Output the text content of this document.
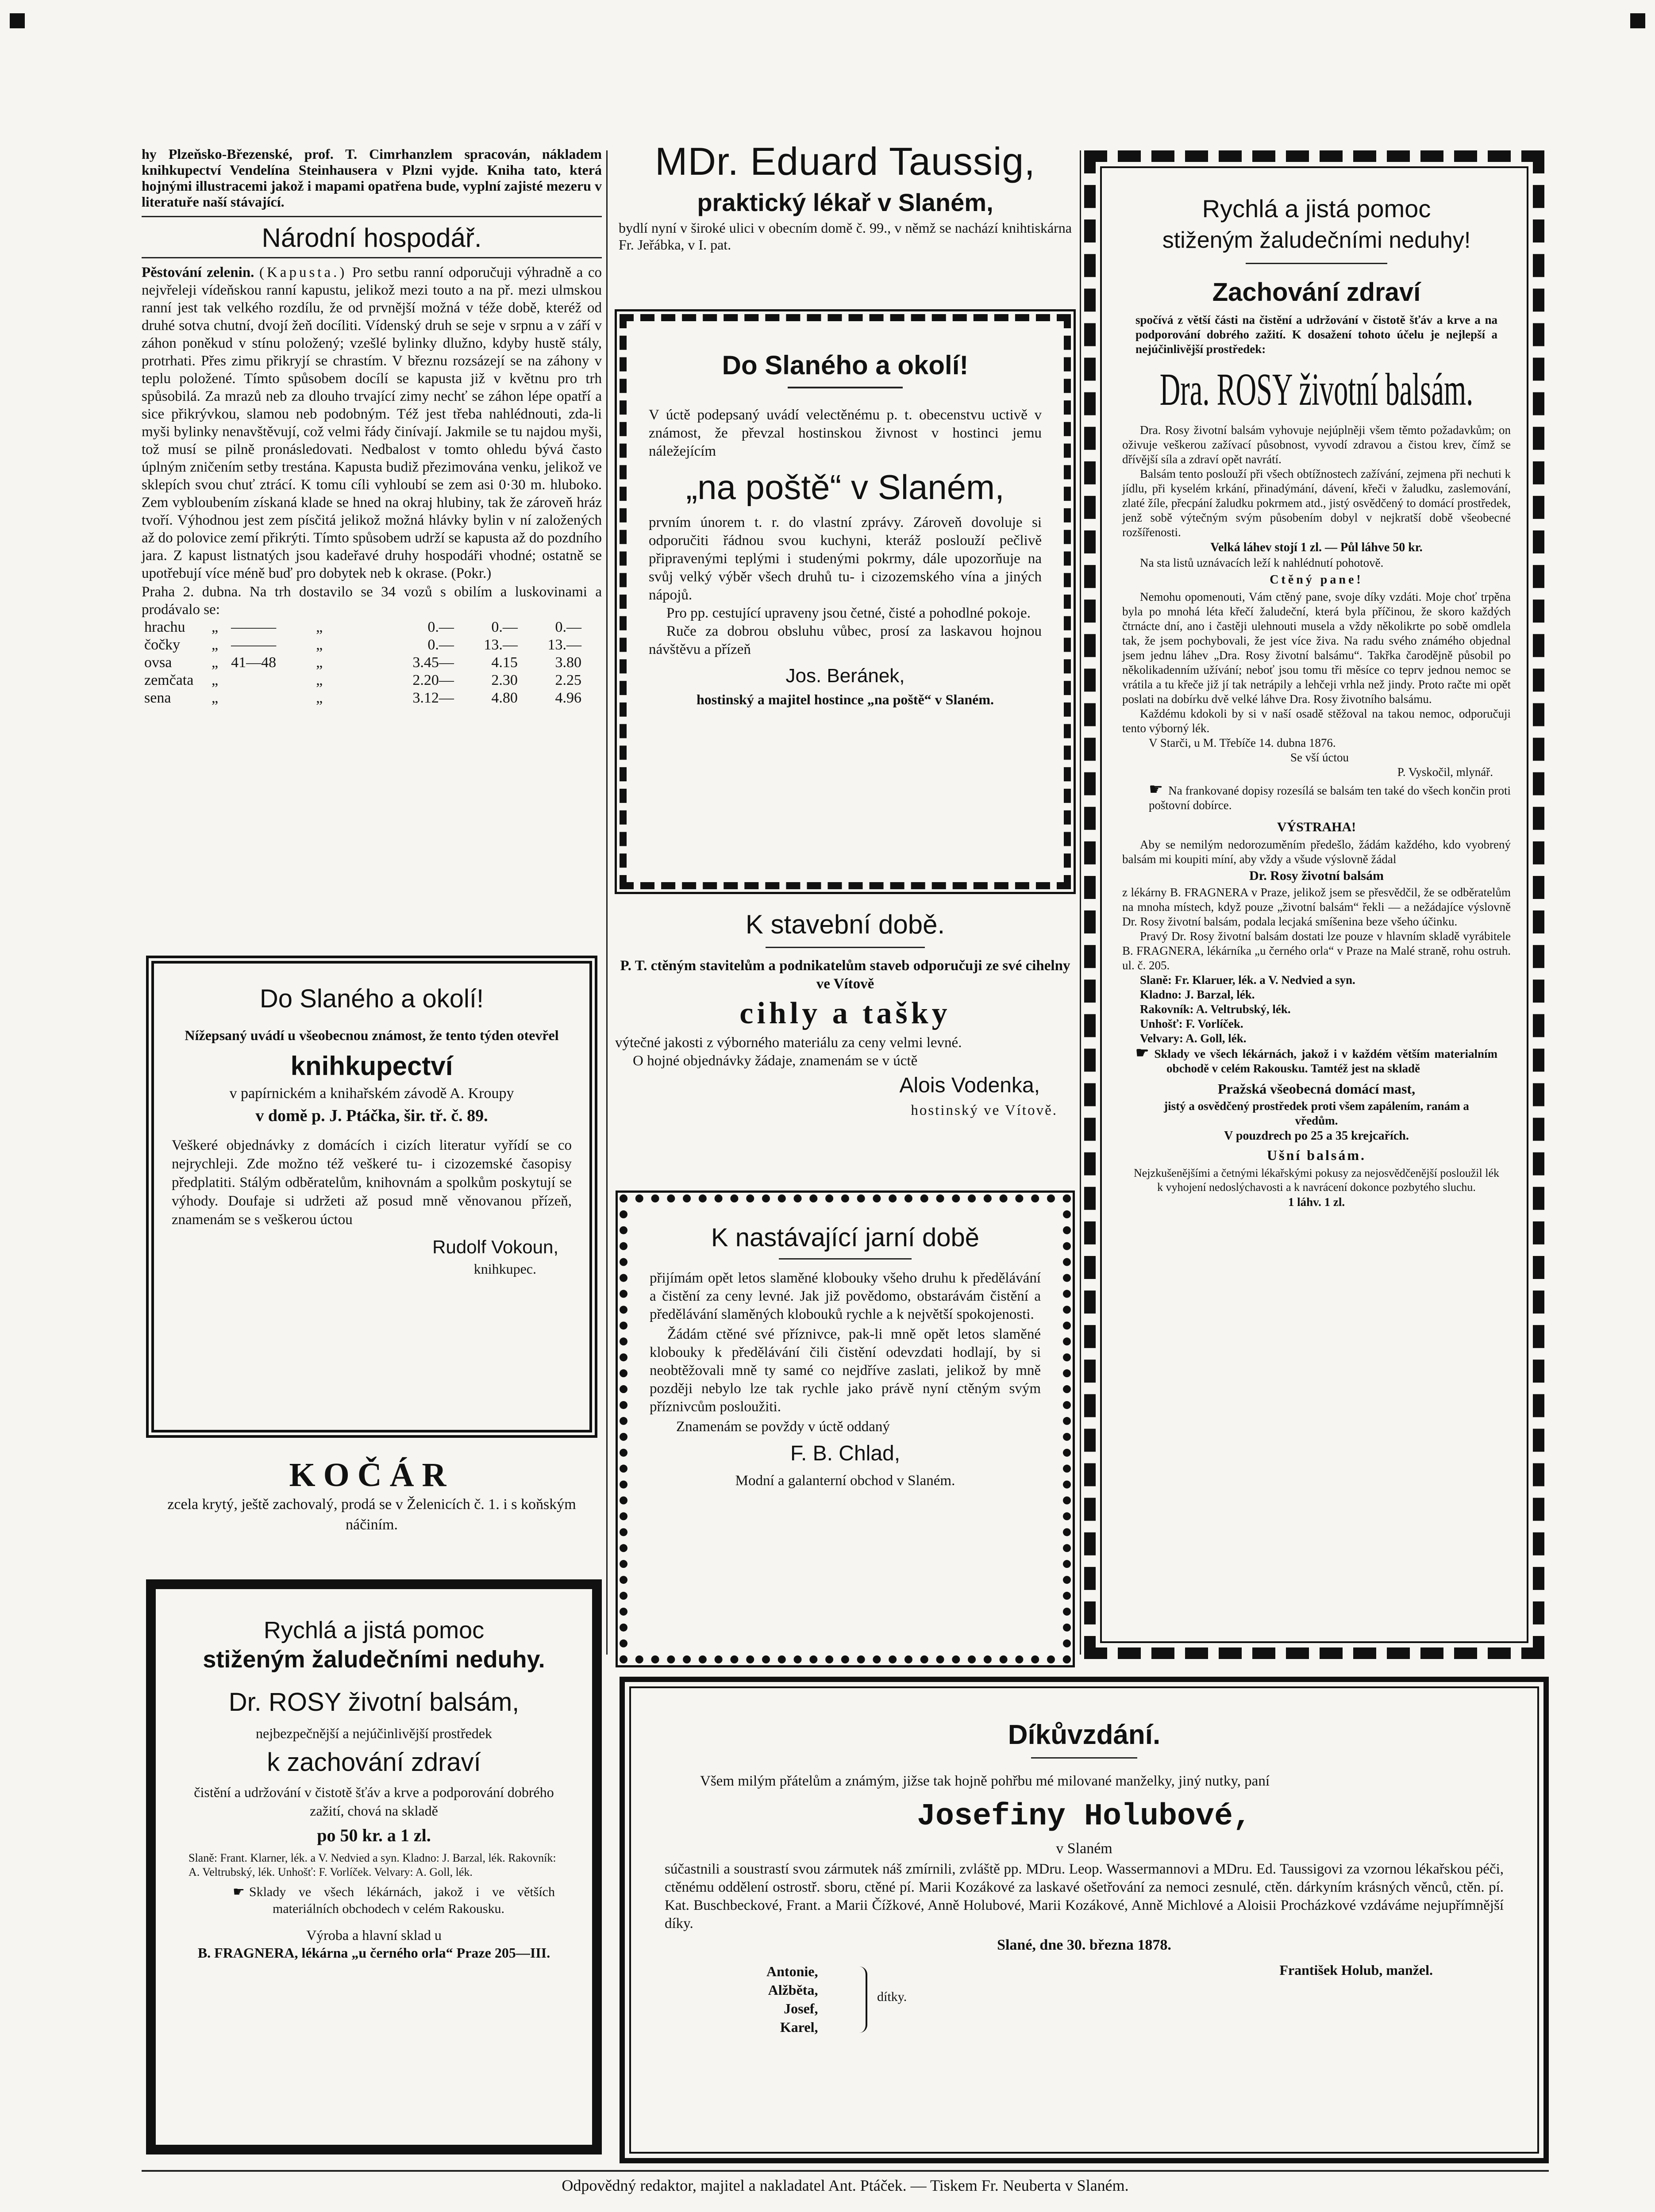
hy Plzeňsko-Březenské, prof. T. Cimrhanzlem spracován, nákladem knihkupectví Vendelína Steinhausera v Plzni vyjde. Kniha tato, která hojnými illustracemi jakož i mapami opatřena bude, vyplní zajisté mezeru v literatuře naší stávající.

Národní hospodář.

Pěstování zelenin. (Kapusta.) Pro setbu ranní odporučuji výhradně a co nejvřeleji vídeňskou ranní kapustu, jelikož mezi touto a na př. mezi ulmskou ranní jest tak velkého rozdílu, že od prvnější možná v téže době, kteréž od druhé sotva chutní, dvojí žeň docíliti. Vídenský druh se seje v srpnu a v září v záhon poněkud v stínu položený; vzešlé bylinky dlužno, kdyby hustě stály, protrhati. Přes zimu přikryjí se chrastím. V březnu rozsázejí se na záhony v teplu položené. Tímto spůsobem docílí se kapusta již v květnu pro trh spůsobilá. Za mrazů neb za dlouho trvající zimy nechť se záhon lépe opatří a sice přikrývkou, slamou neb podobným. Též jest třeba nahlédnouti, zda-li myši bylinky nenavštěvují, což velmi řády činívají. Jakmile se tu najdou myši, tož musí se pilně pronásledovati. Nedbalost v tomto ohledu bývá často úplným zničením setby trestána. Kapusta budiž přezimována venku, jelikož ve sklepích svou chuť ztrácí. K tomu cíli vyhloubí se zem asi 0·30 m. hluboko. Zem vybloubením získaná klade se hned na okraj hlubiny, tak že zároveň hráz tvoří. Výhodnou jest zem písčitá jelikož možná hlávky bylin v ní založených až do polovice zemí přikrýti. Tímto spůsobem udrží se kapusta až do pozdního jara. Z kapust listnatých jsou kadeřavé druhy hospodáři vhodné; ostatně se upotřebují více méně buď pro dobytek neb k okrase. (Pokr.)

Praha 2. dubna. Na trh dostavilo se 34 vozů s obilím a luskovinami a prodávalo se:

hrachu	„	———	„	0.—	0.—	0.—
čočky	„	———	„	0.—	13.—	13.—
ovsa	„	41—48	„	3.45—	4.15	3.80
zemčata	„		„	2.20—	2.30	2.25
sena	„		„	3.12—	4.80	4.96
Do Slaného a okolí!

Nížepsaný uvádí u všeobecnou známost, že tento týden otevřel

knihkupectví

v papírnickém a knihařském závodě A. Kroupy

v domě p. J. Ptáčka, šir. tř. č. 89.

Veškeré objednávky z domácích i cizích literatur vyřídí se co nejrychleji. Zde možno též veškeré tu- i cizozemské časopisy předplatiti. Stálým odběratelům, knihovnám a spolkům poskytují se výhody. Doufaje si udržeti až posud mně věnovanou přízeň, znamenám se s veškerou úctou

Rudolf Vokoun,

knihkupec.

KOČÁR

zcela krytý, ještě zachovalý, prodá se v Želenicích č. 1. i s koňským náčiním.

Rychlá a jistá pomoc
stiženým žaludečními neduhy.
Dr. ROSY životní balsám,

nejbezpečnější a nejúčinlivější prostředek

k zachování zdraví

čistění a udržování v čistotě šťáv a krve a podporování dobrého zažití, chová na skladě

po 50 kr. a 1 zl.

Slaně: Frant. Klarner, lék. a V. Nedvied a syn. Kladno: J. Barzal, lék. Rakovník: A. Veltrubský, lék. Unhošť: F. Vorlíček. Velvary: A. Goll, lék.

☛ Sklady ve všech lékárnách, jakož i ve větších materiálních obchodech v celém Rakousku.

Výroba a hlavní sklad u

B. FRAGNERA, lékárna „u černého orla“ Praze 205—III.

MDr. Eduard Taussig,
praktický lékař v Slaném,

bydlí nyní v široké ulici v obecním domě č. 99., v němž se nachází knihtiskárna Fr. Jeřábka, v I. pat.

Do Slaného a okolí!

V úctě podepsaný uvádí velectěnému p. t. obecenstvu uctivě v známost, že převzal hostinskou živnost v hostinci jemu náležejícím

„na poště“ v Slaném,

prvním únorem t. r. do vlastní zprávy. Zároveň dovoluje si odporučiti řádnou svou kuchyni, kteráž poslouží pečlivě připravenými teplými i studenými pokrmy, dále upozorňuje na svůj velký výběr všech druhů tu- i cizozemského vína a jiných nápojů.

Pro pp. cestující upraveny jsou četné, čisté a pohodlné pokoje.

Ruče za dobrou obsluhu vůbec, prosí za laskavou hojnou návštěvu a přízeň

Jos. Beránek,

hostinský a majitel hostince „na poště“ v Slaném.

K stavební době.

P. T. ctěným stavitelům a podnikatelům staveb odporučuji ze své cihelny ve Vítově

cihly a tašky

výtečné jakosti z výborného materiálu za ceny velmi levné.

O hojné objednávky žádaje, znamenám se v úctě

Alois Vodenka,

hostinský ve Vítově.

K nastávající jarní době

přijímám opět letos slaměné klobouky všeho druhu k předělávání a čistění za ceny levné. Jak již povědomo, obstarávám čistění a předělávání slaměných klobouků rychle a k největší spokojenosti.

Žádám ctěné své příznivce, pak-li mně opět letos slaměné klobouky k předělávání čili čistění odevzdati hodlají, by si neobtěžovali mně ty samé co nejdříve zaslati, jelikož by mně později nebylo lze tak rychle jako právě nyní ctěným svým příznivcům posloužiti.

Znamenám se povždy v úctě oddaný

F. B. Chlad,

Modní a galanterní obchod v Slaném.

Rychlá a jistá pomoc
stiženým žaludečními neduhy!
Zachování zdraví

spočívá z větší části na čistění a udržování v čistotě šťáv a krve a na podporování dobrého zažití. K dosažení tohoto účelu je nejlepší a nejúčinlivější prostředek:

Dra. ROSY životní balsám.

Dra. Rosy životní balsám vyhovuje nejúplněji všem těmto požadavkům; on oživuje veškerou zažívací působnost, vyvodí zdravou a čistou krev, čímž se dřívější síla a zdraví opět navrátí.

Balsám tento poslouží při všech obtížnostech zažívání, zejmena při nechuti k jídlu, při kyselém krkání, přinadýmání, dávení, křeči v žaludku, zaslemování, zlaté žíle, přecpání žaludku pokrmem atd., jistý osvědčený to domácí prostředek, jenž sobě výtečným svým působením dobyl v nejkratší době všeobecné rozšířenosti.

Velká láhev stojí 1 zl. — Půl láhve 50 kr.

Na sta listů uznávacích leží k nahlédnutí pohotově.

Ctěný pane!

Nemohu opomenouti, Vám ctěný pane, svoje díky vzdáti. Moje choť trpěna byla po mnohá léta křečí žaludeční, která byla příčinou, že skoro každých čtrnácte dní, ano i častěji ulehnouti musela a vždy několikrte po sobě omdlela tak, že jsem pochybovali, že jest více živa. Na radu svého známého objednal jsem jednu láhev „Dra. Rosy životní balsámu“. Takřka čarodějně působil po několikadenním užívání; neboť jsou tomu tři měsíce co teprv jednou nemoc se vrátila a tu křeče již jí tak netrápily a lehčeji vrhla než jindy. Proto račte mi opět poslati na dobírku dvě velké láhve Dra. Rosy životního balsámu.

Každému kdokoli by si v naší osadě stěžoval na takou nemoc, odporučuji tento výborný lék.

V Starči, u M. Třebíče 14. dubna 1876.

Se vší úctou

P. Vyskočil, mlynář.

☛ Na frankované dopisy rozesílá se balsám ten také do všech končin proti poštovní dobírce.

VÝSTRAHA!

Aby se nemilým nedorozuměním předešlo, žádám každého, kdo vyobrený balsám mi koupiti míní, aby vždy a všude výslovně žádal

Dr. Rosy životní balsám

z lékárny B. FRAGNERA v Praze, jelikož jsem se přesvědčil, že se odběratelům na mnoha místech, když pouze „životní balsám“ řekli — a nežádajíce výslovně Dr. Rosy životní balsám, podala lecjaká smíšenina beze všeho účinku.

Pravý Dr. Rosy životní balsám dostati lze pouze v hlavním skladě vyrábitele B. FRAGNERA, lékárníka „u černého orla“ v Praze na Malé straně, rohu ostruh. ul. č. 205.

Slaně: Fr. Klaruer, lék. a V. Nedvied a syn.
Kladno: J. Barzal, lék.
Rakovník: A. Veltrubský, lék.
Unhošť: F. Vorlíček.
Velvary: A. Goll, lék.

☛ Sklady ve všech lékárnách, jakož i v každém větším materialním obchodě v celém Rakousku. Tamtéž jest na skladě

Pražská všeobecná domácí mast,

jistý a osvědčený prostředek proti všem zapálením, ranám a vředům.

V pouzdrech po 25 a 35 krejcařích.

Ušní balsám.

Nejzkušenějšími a četnými lékařskými pokusy za nejosvědčenější posloužil lék k vyhojení nedoslýchavosti a k navrácení dokonce pozbytého sluchu.

1 láhv. 1 zl.

Díkůvzdání.

Všem milým přátelům a známým, jižse tak hojně pohřbu mé milované manželky, jiný nutky, paní

Josefiny Holubové,

v Slaném

súčastnili a soustrastí svou zármutek náš zmírnili, zvláště pp. MDru. Leop. Wassermannovi a MDru. Ed. Taussigovi za vzornou lékařskou péči, ctěnému oddělení ostrostř. sboru, ctěné pí. Marii Kozákové za laskavé ošetřování za nemoci zesnulé, ctěn. dárkyním krásných věnců, ctěn. pí. Kat. Buschbeckové, Frant. a Marii Čížkové, Anně Holubové, Marii Kozákové, Anně Michlové a Aloisii Procházkové vzdáváme nejupřímnější díky.

Slané, dne 30. března 1878.

Antonie,
Alžběta,
Josef,
Karel,
dítky.
František Holub, manžel.
Odpovědný redaktor, majitel a nakladatel Ant. Ptáček. — Tiskem Fr. Neuberta v Slaném.
